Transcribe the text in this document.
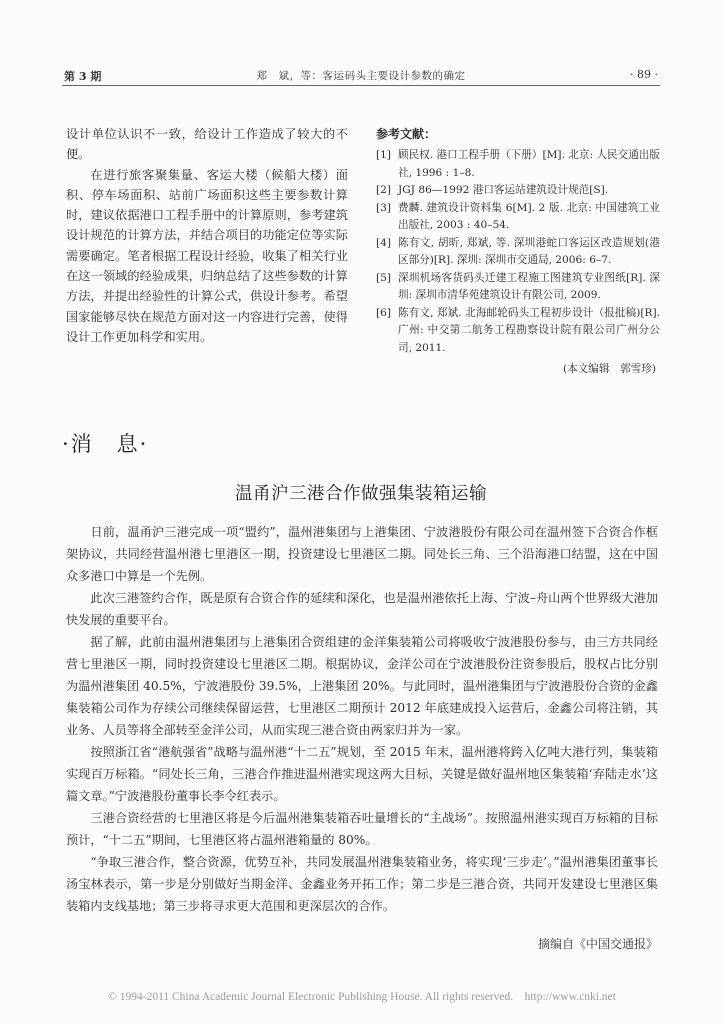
第 3 期	郑　斌，等：客运码头主要设计参数的确定	· 89 ·

设计单位认识不一致，给设计工作造成了较大的不便。

在进行旅客聚集量、客运大楼（候船大楼）面积、停车场面积、站前广场面积这些主要参数计算时，建议依据港口工程手册中的计算原则，参考建筑设计规范的计算方法，并结合项目的功能定位等实际需要确定。笔者根据工程设计经验，收集了相关行业在这一领域的经验成果，归纳总结了这些参数的计算方法，并提出经验性的计算公式，供设计参考。希望国家能够尽快在规范方面对这一内容进行完善，使得设计工作更加科学和实用。

参考文献：
[1] 顾民权. 港口工程手册（下册）[M]. 北京: 人民交通出版社, 1996 : 1–8.
[2] JGJ 86—1992 港口客运站建筑设计规范[S].
[3] 费麟. 建筑设计资料集 6[M]. 2 版. 北京: 中国建筑工业出版社, 2003 : 40–54.
[4] 陈有文, 胡昕, 郑斌, 等. 深圳港蛇口客运区改造规划(港区部分)[R]. 深圳: 深圳市交通局, 2006: 6–7.
[5] 深圳机场客货码头迁建工程施工图建筑专业图纸[R]. 深圳: 深圳市清华苑建筑设计有限公司, 2009.
[6] 陈有文, 郑斌. 北海邮轮码头工程初步设计（报批稿)[R]. 广州: 中交第二航务工程勘察设计院有限公司广州分公司, 2011.
(本文编辑　郭雪珍)
·消　息·
温甬沪三港合作做强集装箱运输

日前，温甬沪三港完成一项“盟约”，温州港集团与上港集团、宁波港股份有限公司在温州签下合资合作框架协议，共同经营温州港七里港区一期，投资建设七里港区二期。同处长三角、三个沿海港口结盟，这在中国众多港口中算是一个先例。

此次三港签约合作，既是原有合资合作的延续和深化，也是温州港依托上海、宁波–舟山两个世界级大港加快发展的重要平台。

据了解，此前由温州港集团与上港集团合资组建的金洋集装箱公司将吸收宁波港股份参与，由三方共同经营七里港区一期，同时投资建设七里港区二期。根据协议，金洋公司在宁波港股份注资参股后，股权占比分别为温州港集团 40.5%，宁波港股份 39.5%，上港集团 20%。与此同时，温州港集团与宁波港股份合资的金鑫集装箱公司作为存续公司继续保留运营，七里港区二期预计 2012 年底建成投入运营后，金鑫公司将注销，其业务、人员等将全部转至金洋公司，从而实现三港合资由两家归并为一家。

按照浙江省“港航强省”战略与温州港“十二五”规划，至 2015 年末，温州港将跨入亿吨大港行列，集装箱实现百万标箱。“同处长三角，三港合作推进温州港实现这两大目标，关键是做好温州地区集装箱‘弃陆走水’这篇文章。”宁波港股份董事长李令红表示。

三港合资经营的七里港区将是今后温州港集装箱吞吐量增长的“主战场”。按照温州港实现百万标箱的目标预计，“十二五”期间，七里港区将占温州港箱量的 80%。

“争取三港合作，整合资源，优势互补，共同发展温州港集装箱业务，将实现‘三步走’。”温州港集团董事长汤宝林表示，第一步是分别做好当期金洋、金鑫业务开拓工作；第二步是三港合资，共同开发建设七里港区集装箱内支线基地；第三步将寻求更大范围和更深层次的合作。

摘编自《中国交通报》
© 1994-2011 China Academic Journal Electronic Publishing House. All rights reserved.　http://www.cnki.net
